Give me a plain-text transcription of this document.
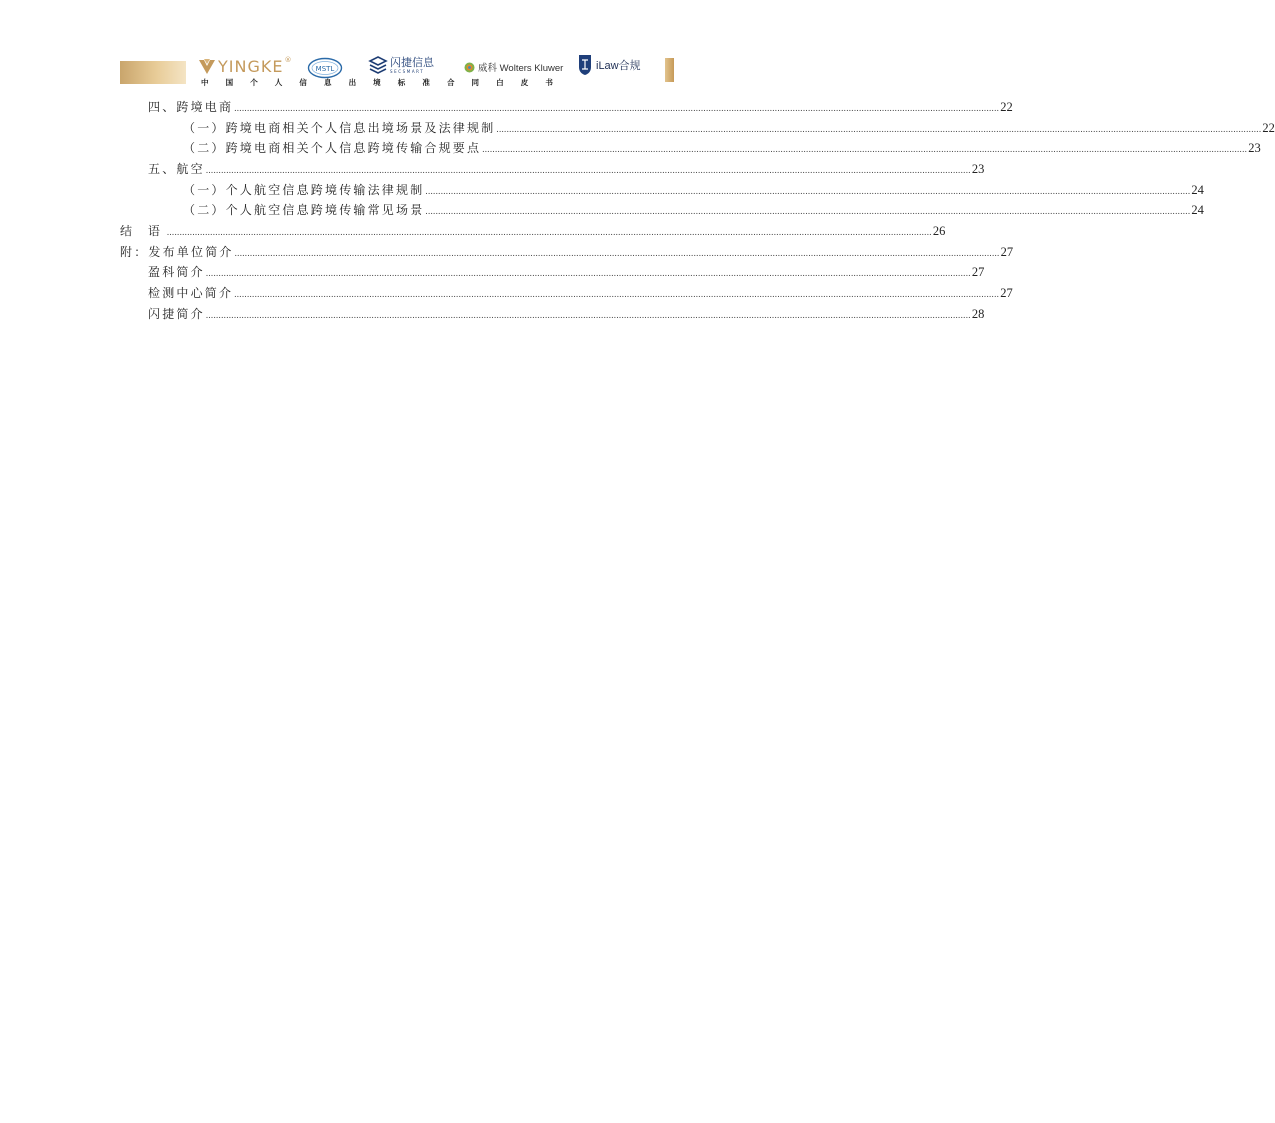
YINGKE ®
MSTL
闪捷信息
SECSMART	威科 Wolters Kluwer	iLaw合规
中 国 个 人 信 息 出 境 标 准 合 同 白 皮 书
四、跨境电商 ............................................................................................................................................................................................................................................................................................................ 22
（一）跨境电商相关个人信息出境场景及法律规制 ............................................................................................................................................................................................................................................................................................................ 22
（二）跨境电商相关个人信息跨境传输合规要点 ............................................................................................................................................................................................................................................................................................................ 23
五、航空 ............................................................................................................................................................................................................................................................................................................ 23
（一）个人航空信息跨境传输法律规制 ............................................................................................................................................................................................................................................................................................................ 24
（二）个人航空信息跨境传输常见场景 ............................................................................................................................................................................................................................................................................................................ 24
结 语 ............................................................................................................................................................................................................................................................................................................ 26
附：发布单位简介 ............................................................................................................................................................................................................................................................................................................ 27
盈科简介 ............................................................................................................................................................................................................................................................................................................ 27
检测中心简介 ............................................................................................................................................................................................................................................................................................................ 27
闪捷简介 ............................................................................................................................................................................................................................................................................................................ 28
